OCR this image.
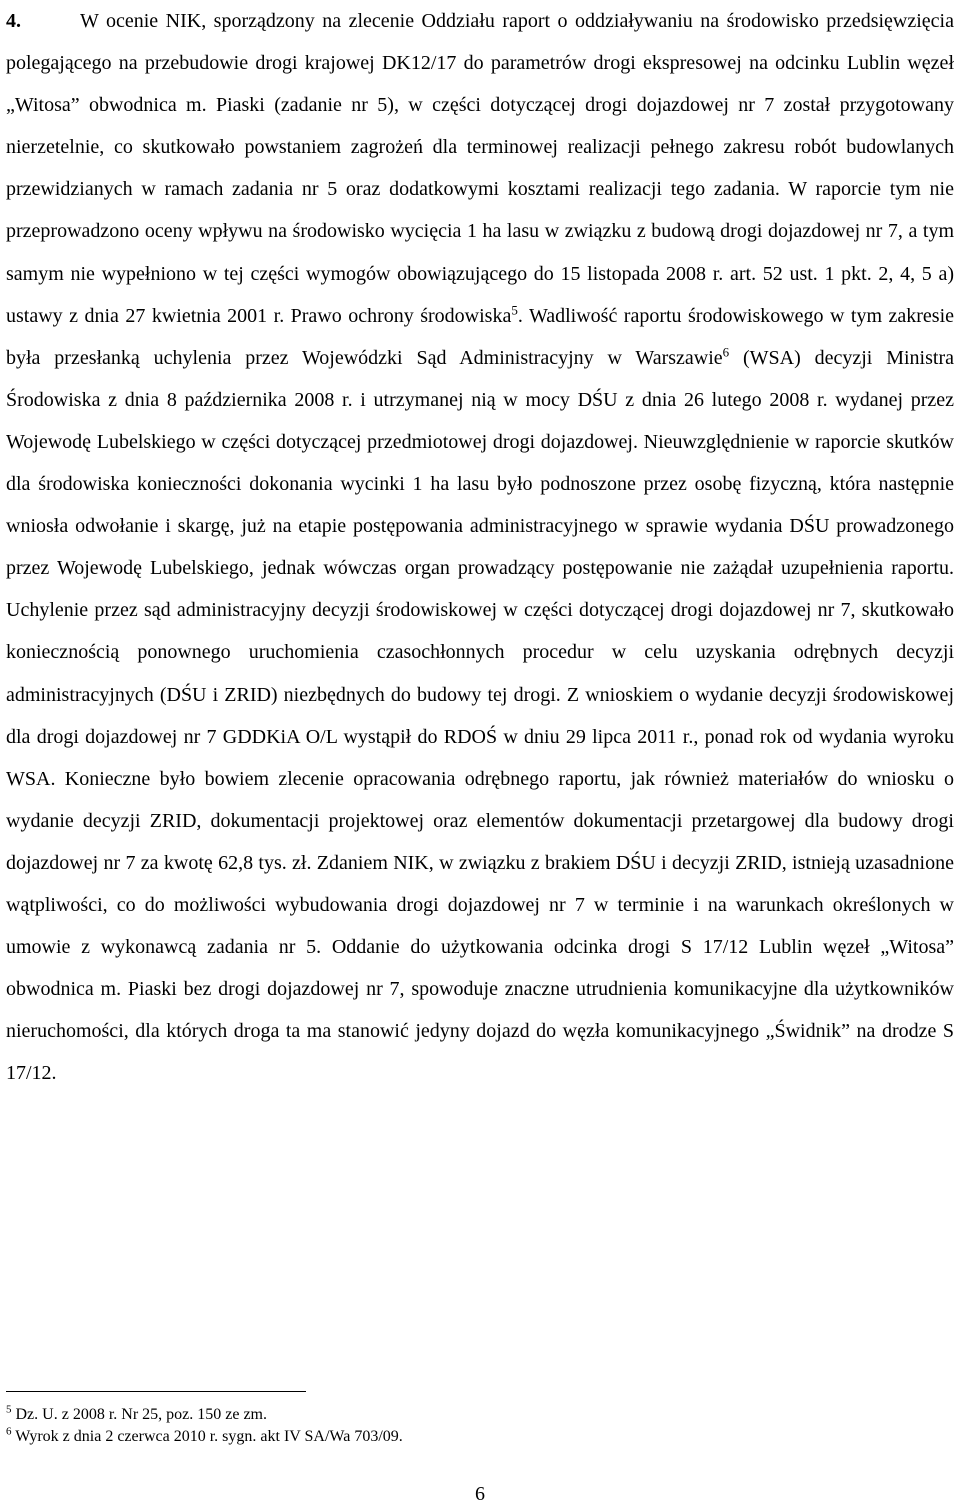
4.	W ocenie NIK, sporządzony na zlecenie Oddziału raport o oddziaływaniu na środowisko przedsięwzięcia polegającego na przebudowie drogi krajowej DK12/17 do parametrów drogi ekspresowej na odcinku Lublin węzeł „Witosa” obwodnica m. Piaski (zadanie nr 5), w części dotyczącej drogi dojazdowej nr 7 został przygotowany nierzetelnie, co skutkowało powstaniem zagrożeń dla terminowej realizacji pełnego zakresu robót budowlanych przewidzianych w ramach zadania nr 5 oraz dodatkowymi kosztami realizacji tego zadania. W raporcie tym nie przeprowadzono oceny wpływu na środowisko wycięcia 1 ha lasu w związku z budową drogi dojazdowej nr 7, a tym samym nie wypełniono w tej części wymogów obowiązującego do 15 listopada 2008 r. art. 52 ust. 1 pkt. 2, 4, 5 a) ustawy z dnia 27 kwietnia 2001 r. Prawo ochrony środowiska$^5$. Wadliwość raportu środowiskowego w tym zakresie była przesłanką uchylenia przez Wojewódzki Sąd Administracyjny w Warszawie$^6$ (WSA) decyzji Ministra Środowiska z dnia 8 października 2008 r. i utrzymanej nią w mocy DŚU z dnia 26 lutego 2008 r. wydanej przez Wojewodę Lubelskiego w części dotyczącej przedmiotowej drogi dojazdowej. Nieuwzględnienie w raporcie skutków dla środowiska konieczności dokonania wycinki 1 ha lasu było podnoszone przez osobę fizyczną, która następnie wniosła odwołanie i skargę, już na etapie postępowania administracyjnego w sprawie wydania DŚU prowadzonego przez Wojewodę Lubelskiego, jednak wówczas organ prowadzący postępowanie nie zażądał uzupełnienia raportu. Uchylenie przez sąd administracyjny decyzji środowiskowej w części dotyczącej drogi dojazdowej nr 7, skutkowało koniecznością ponownego uruchomienia czasochłonnych procedur w celu uzyskania odrębnych decyzji administracyjnych (DŚU i ZRID) niezbędnych do budowy tej drogi. Z wnioskiem o wydanie decyzji środowiskowej dla drogi dojazdowej nr 7 GDDKiA O/L wystąpił do RDOŚ w dniu 29 lipca 2011 r., ponad rok od wydania wyroku WSA. Konieczne było bowiem zlecenie opracowania odrębnego raportu, jak również materiałów do wniosku o wydanie decyzji ZRID, dokumentacji projektowej oraz elementów dokumentacji przetargowej dla budowy drogi dojazdowej nr 7 za kwotę 62,8 tys. zł. Zdaniem NIK, w związku z brakiem DŚU i decyzji ZRID, istnieją uzasadnione wątpliwości, co do możliwości wybudowania drogi dojazdowej nr 7 w terminie i na warunkach określonych w umowie z wykonawcą zadania nr 5. Oddanie do użytkowania odcinka drogi S 17/12 Lublin węzeł „Witosa” obwodnica m. Piaski bez drogi dojazdowej nr 7, spowoduje znaczne utrudnienia komunikacyjne dla użytkowników nieruchomości, dla których droga ta ma stanowić jedyny dojazd do węzła komunikacyjnego „Świdnik” na drodze S 17/12.

$^5$ Dz. U. z 2008 r. Nr 25, poz. 150 ze zm.

$^6$ Wyrok z dnia 2 czerwca 2010 r. sygn. akt IV SA/Wa 703/09.

6
